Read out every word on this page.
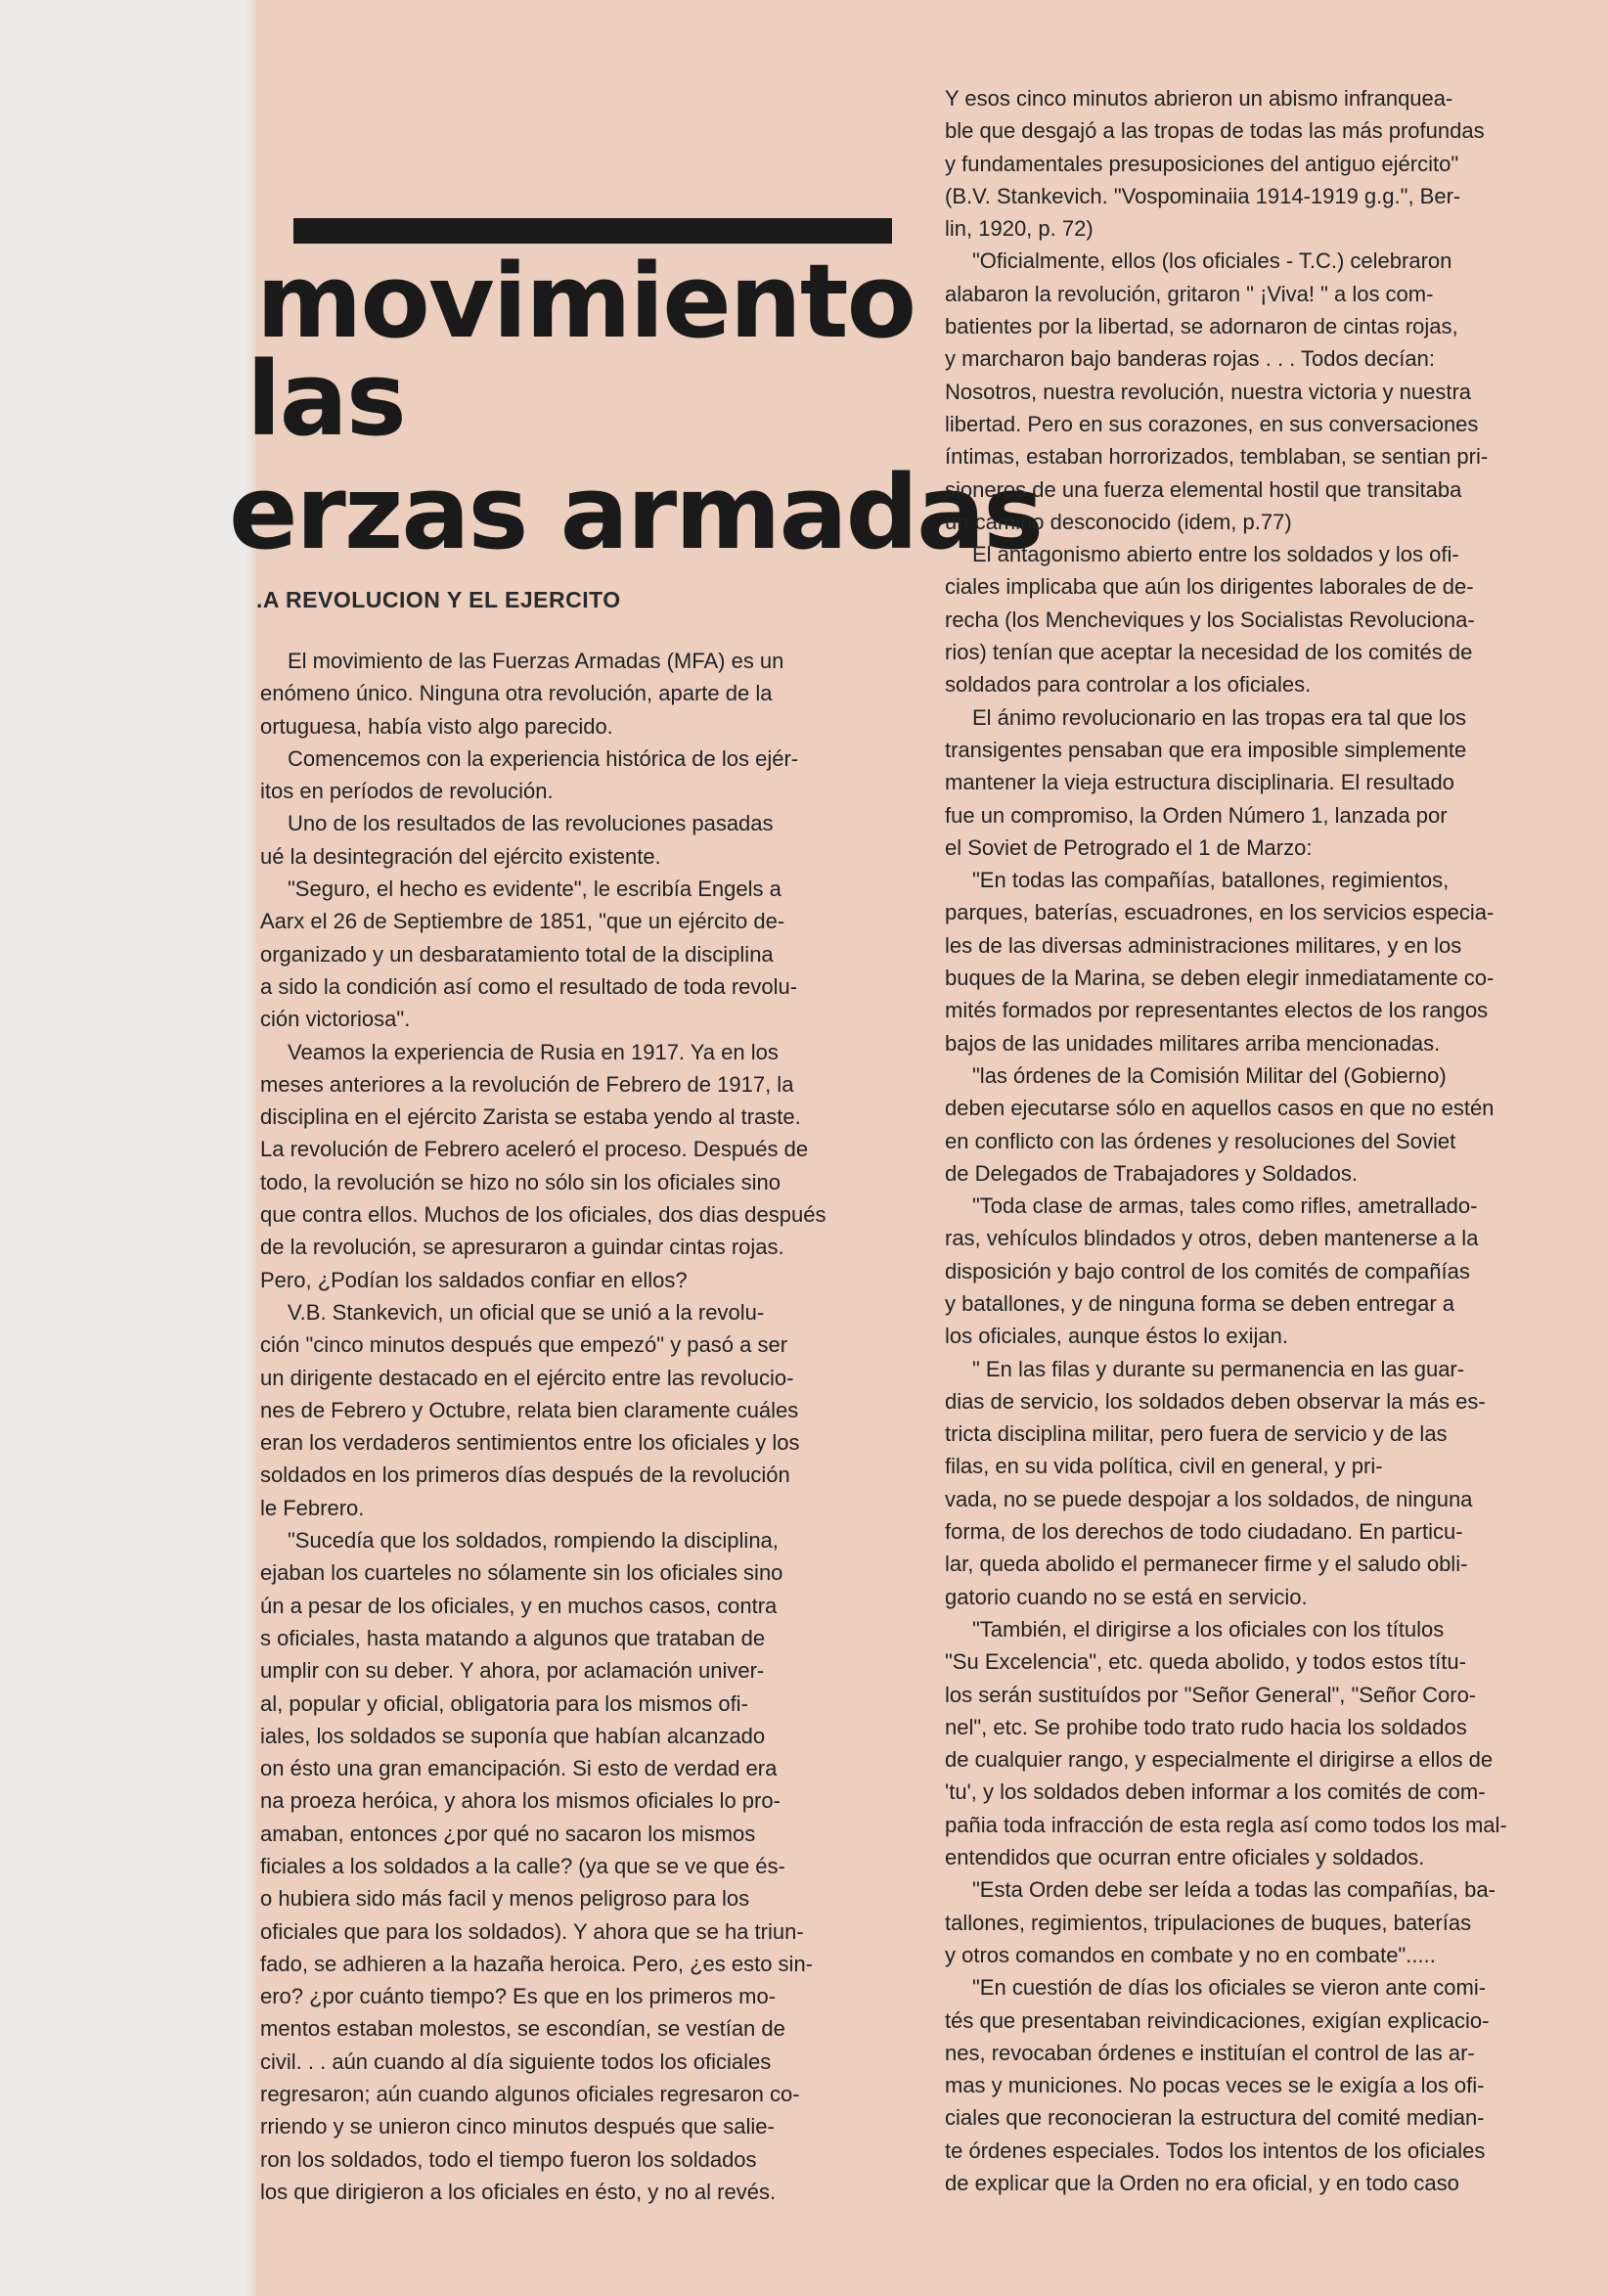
movimiento
las
erzas armadas
.A REVOLUCION Y EL EJERCITO

El movimiento de las Fuerzas Armadas (MFA) es un

enómeno único. Ninguna otra revolución, aparte de la

ortuguesa, había visto algo parecido.

Comencemos con la experiencia histórica de los ejér-

itos en períodos de revolución.

Uno de los resultados de las revoluciones pasadas

ué la desintegración del ejército existente.

"Seguro, el hecho es evidente", le escribía Engels a

Aarx el 26 de Septiembre de 1851, "que un ejército de-

organizado y un desbaratamiento total de la disciplina

a sido la condición así como el resultado de toda revolu-

ción victoriosa".

Veamos la experiencia de Rusia en 1917. Ya en los

meses anteriores a la revolución de Febrero de 1917, la

disciplina en el ejército Zarista se estaba yendo al traste.

La revolución de Febrero aceleró el proceso. Después de

todo, la revolución se hizo no sólo sin los oficiales sino

que contra ellos. Muchos de los oficiales, dos dias después

de la revolución, se apresuraron a guindar cintas rojas.

Pero, ¿Podían los saldados confiar en ellos?

V.B. Stankevich, un oficial que se unió a la revolu-

ción "cinco minutos después que empezó" y pasó a ser

un dirigente destacado en el ejército entre las revolucio-

nes de Febrero y Octubre, relata bien claramente cuáles

eran los verdaderos sentimientos entre los oficiales y los

soldados en los primeros días después de la revolución

le Febrero.

"Sucedía que los soldados, rompiendo la disciplina,

ejaban los cuarteles no sólamente sin los oficiales sino

ún a pesar de los oficiales, y en muchos casos, contra

s oficiales, hasta matando a algunos que trataban de

umplir con su deber. Y ahora, por aclamación univer-

al, popular y oficial, obligatoria para los mismos ofi-

iales, los soldados se suponía que habían alcanzado

on ésto una gran emancipación. Si esto de verdad era

na proeza heróica, y ahora los mismos oficiales lo pro-

amaban, entonces ¿por qué no sacaron los mismos

ficiales a los soldados a la calle? (ya que se ve que és-

o hubiera sido más facil y menos peligroso para los

oficiales que para los soldados). Y ahora que se ha triun-

fado, se adhieren a la hazaña heroica. Pero, ¿es esto sin-

ero? ¿por cuánto tiempo? Es que en los primeros mo-

mentos estaban molestos, se escondían, se vestían de

civil. . . aún cuando al día siguiente todos los oficiales

regresaron; aún cuando algunos oficiales regresaron co-

rriendo y se unieron cinco minutos después que salie-

ron los soldados, todo el tiempo fueron los soldados

los que dirigieron a los oficiales en ésto, y no al revés.

Y esos cinco minutos abrieron un abismo infranquea-

ble que desgajó a las tropas de todas las más profundas

y fundamentales presuposiciones del antiguo ejército"

(B.V. Stankevich. "Vospominaiia 1914-1919 g.g.", Ber-

lin, 1920, p. 72)

"Oficialmente, ellos (los oficiales - T.C.) celebraron

alabaron la revolución, gritaron " ¡Viva! " a los com-

batientes por la libertad, se adornaron de cintas rojas,

y marcharon bajo banderas rojas . . . Todos decían:

Nosotros, nuestra revolución, nuestra victoria y nuestra

libertad. Pero en sus corazones, en sus conversaciones

íntimas, estaban horrorizados, temblaban, se sentian pri-

sioneros de una fuerza elemental hostil que transitaba

un camino desconocido (idem, p.77)

El antagonismo abierto entre los soldados y los ofi-

ciales implicaba que aún los dirigentes laborales de de-

recha (los Mencheviques y los Socialistas Revoluciona-

rios) tenían que aceptar la necesidad de los comités de

soldados para controlar a los oficiales.

El ánimo revolucionario en las tropas era tal que los

transigentes pensaban que era imposible simplemente

mantener la vieja estructura disciplinaria. El resultado

fue un compromiso, la Orden Número 1, lanzada por

el Soviet de Petrogrado el 1 de Marzo:

"En todas las compañías, batallones, regimientos,

parques, baterías, escuadrones, en los servicios especia-

les de las diversas administraciones militares, y en los

buques de la Marina, se deben elegir inmediatamente co-

mités formados por representantes electos de los rangos

bajos de las unidades militares arriba mencionadas.

"las órdenes de la Comisión Militar del (Gobierno)

deben ejecutarse sólo en aquellos casos en que no estén

en conflicto con las órdenes y resoluciones del Soviet

de Delegados de Trabajadores y Soldados.

"Toda clase de armas, tales como rifles, ametrallado-

ras, vehículos blindados y otros, deben mantenerse a la

disposición y bajo control de los comités de compañías

y batallones, y de ninguna forma se deben entregar a

los oficiales, aunque éstos lo exijan.

" En las filas y durante su permanencia en las guar-

dias de servicio, los soldados deben observar la más es-

tricta disciplina militar, pero fuera de servicio y de las

filas, en su vida política, civil en general, y pri-

vada, no se puede despojar a los soldados, de ninguna

forma, de los derechos de todo ciudadano. En particu-

lar, queda abolido el permanecer firme y el saludo obli-

gatorio cuando no se está en servicio.

"También, el dirigirse a los oficiales con los títulos

"Su Excelencia", etc. queda abolido, y todos estos títu-

los serán sustituídos por "Señor General", "Señor Coro-

nel", etc. Se prohibe todo trato rudo hacia los soldados

de cualquier rango, y especialmente el dirigirse a ellos de

'tu', y los soldados deben informar a los comités de com-

pañia toda infracción de esta regla así como todos los mal-

entendidos que ocurran entre oficiales y soldados.

"Esta Orden debe ser leída a todas las compañías, ba-

tallones, regimientos, tripulaciones de buques, baterías

y otros comandos en combate y no en combate".....

"En cuestión de días los oficiales se vieron ante comi-

tés que presentaban reivindicaciones, exigían explicacio-

nes, revocaban órdenes e instituían el control de las ar-

mas y municiones. No pocas veces se le exigía a los ofi-

ciales que reconocieran la estructura del comité median-

te órdenes especiales. Todos los intentos de los oficiales

de explicar que la Orden no era oficial, y en todo caso
